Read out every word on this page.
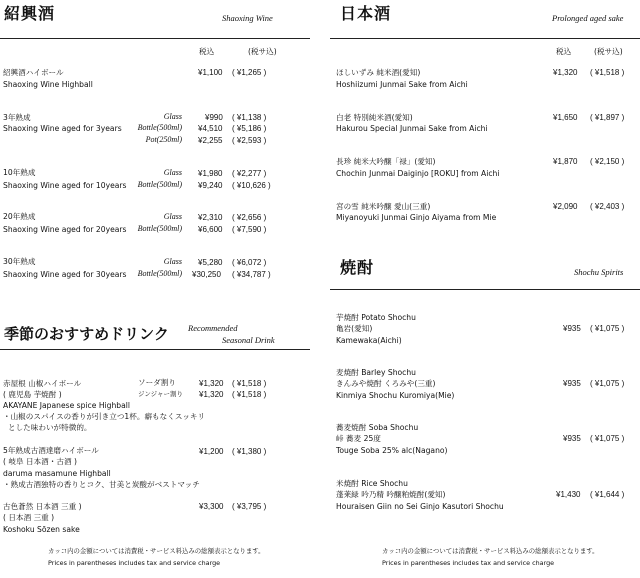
紹興酒	Shaoxing Wine
税込	(税サ込)
紹興酒ハイボール
Shaoxing Wine Highball
¥1,100 ( ¥1,265 )
3年熟成
Shaoxing Wine aged for 3years
Glass	¥990 ( ¥1,138 )
Bottle(500ml) ¥4,510 ( ¥5,186 )
Pot(250ml) ¥2,255 ( ¥2,593 )
10年熟成
Shaoxing Wine aged for 10years
Glass ¥1,980 ( ¥2,277 )
Bottle(500ml) ¥9,240 ( ¥10,626 )
20年熟成
Shaoxing Wine aged for 20years
Glass ¥2,310 ( ¥2,656 )
Bottle(500ml) ¥6,600 ( ¥7,590 )
30年熟成
Shaoxing Wine aged for 30years
Glass ¥5,280 ( ¥6,072 )
Bottle(500ml) ¥30,250 ( ¥34,787 )
季節のおすすめドリンク Recommended
Seasonal Drink
赤屋根 山椒ハイボール
( 鹿児島 芋焼酎 )
AKAYANE Japanese spice Highball
・山椒のスパイスの香りが引き立つ1杯。癖もなくスッキリ
とした味わいが特徴的。
ソーダ割り	¥1,320 ( ¥1,518 )
ジンジャー割り ¥1,320 ( ¥1,518 )
5年熟成古酒達磨ハイボール
( 岐阜 日本酒・古酒 )
daruma masamune Highball
・熟成古酒独特の香りとコク、甘美と炭酸がベストマッチ
¥1,200 ( ¥1,380 )
古色蒼然 日本酒 三重 )
( 日本酒 三重 )
Koshoku Sōzen sake
¥3,300 ( ¥3,795 )
カッコ内の金額については消費税・サービス料込みの総額表示となります。
Prices in parentheses includes tax and service charge
日本酒	Prolonged aged sake
税込	(税サ込)
ほしいずみ 純米酒(愛知)
Hoshiizumi Junmai Sake from Aichi
¥1,320 ( ¥1,518 )
白老 特別純米酒(愛知)
Hakurou Special Junmai Sake from Aichi
¥1,650 ( ¥1,897 )
長珍 純米大吟醸「禄」(愛知)
Chochin Junmai Daiginjo [ROKU] from Aichi
¥1,870 ( ¥2,150 )
宮の雪 純米吟醸 愛山(三重)
Miyanoyuki Junmai Ginjo Aiyama from Mie
¥2,090 ( ¥2,403 )
焼酎	Shochu Spirits
芋焼酎 Potato Shochu
亀岩(愛知)
Kamewaka(Aichi)
¥935 ( ¥1,075 )
麦焼酎 Barley Shochu
きんみや焼酎 くろみや(三重)
Kinmiya Shochu Kuromiya(Mie)
¥935 ( ¥1,075 )
蕎麦焼酎 Soba Shochu
峠 蕎麦 25度
Touge Soba 25% alc(Nagano)
¥935 ( ¥1,075 )
米焼酎 Rice Shochu
蓬莱緑 吟乃精 吟醸粕焼酎(愛知)
Houraisen Giin no Sei Ginjo Kasutori Shochu
¥1,430 ( ¥1,644 )
カッコ内の金額については消費税・サービス料込みの総額表示となります。
Prices in parentheses includes tax and service charge
